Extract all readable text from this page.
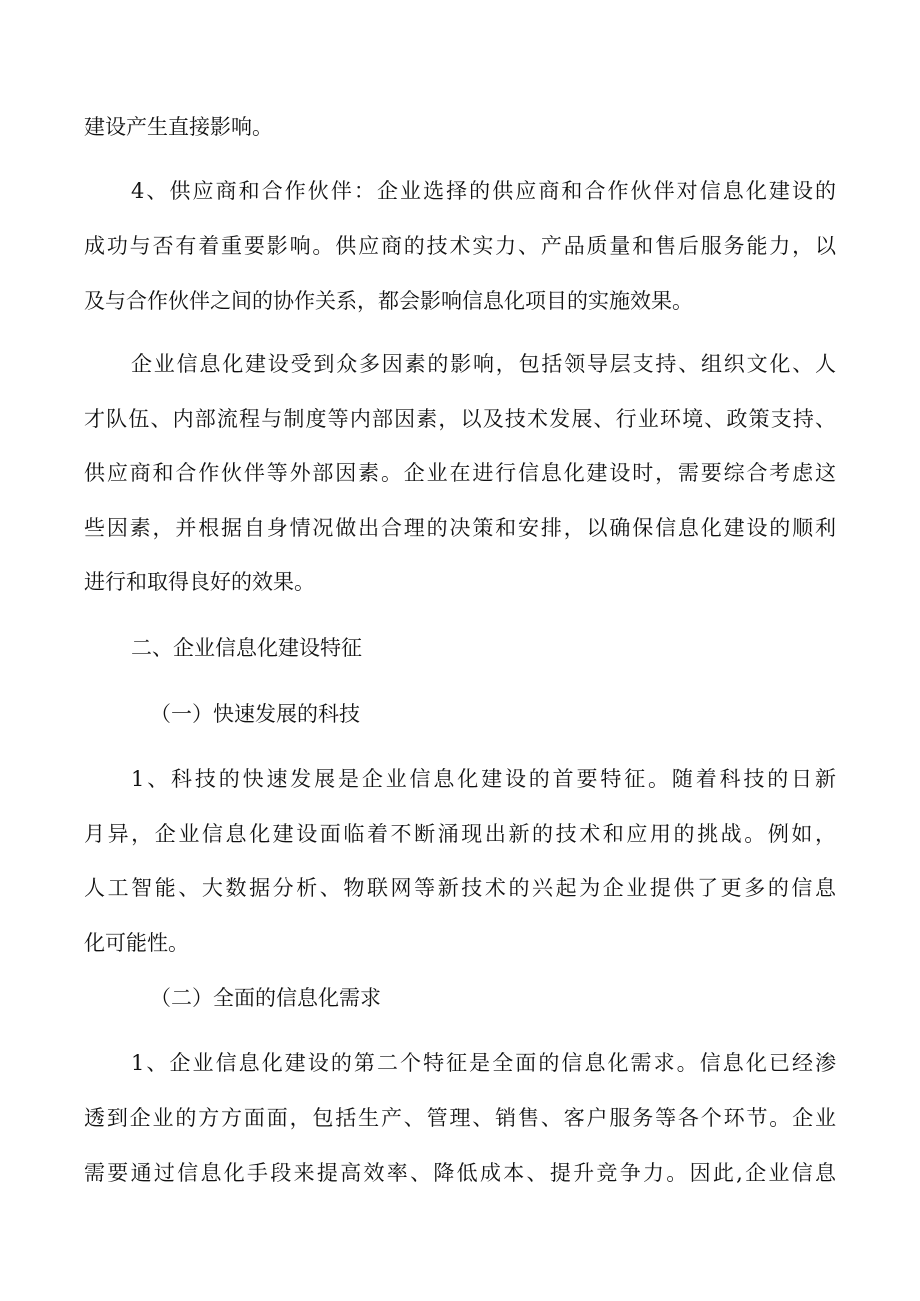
建设产生直接影响。
4、供应商和合作伙伴：企业选择的供应商和合作伙伴对信息化建设的
成功与否有着重要影响。供应商的技术实力、产品质量和售后服务能力，以
及与合作伙伴之间的协作关系，都会影响信息化项目的实施效果。
企业信息化建设受到众多因素的影响，包括领导层支持、组织文化、人
才队伍、内部流程与制度等内部因素，以及技术发展、行业环境、政策支持、
供应商和合作伙伴等外部因素。企业在进行信息化建设时，需要综合考虑这
些因素，并根据自身情况做出合理的决策和安排，以确保信息化建设的顺利
进行和取得良好的效果。
二、企业信息化建设特征
（一）快速发展的科技
1、科技的快速发展是企业信息化建设的首要特征。随着科技的日新
月异，企业信息化建设面临着不断涌现出新的技术和应用的挑战。例如，
人工智能、大数据分析、物联网等新技术的兴起为企业提供了更多的信息
化可能性。
（二）全面的信息化需求
1、企业信息化建设的第二个特征是全面的信息化需求。信息化已经渗
透到企业的方方面面，包括生产、管理、销售、客户服务等各个环节。企业
需要通过信息化手段来提高效率、降低成本、提升竞争力。因此,企业信息
